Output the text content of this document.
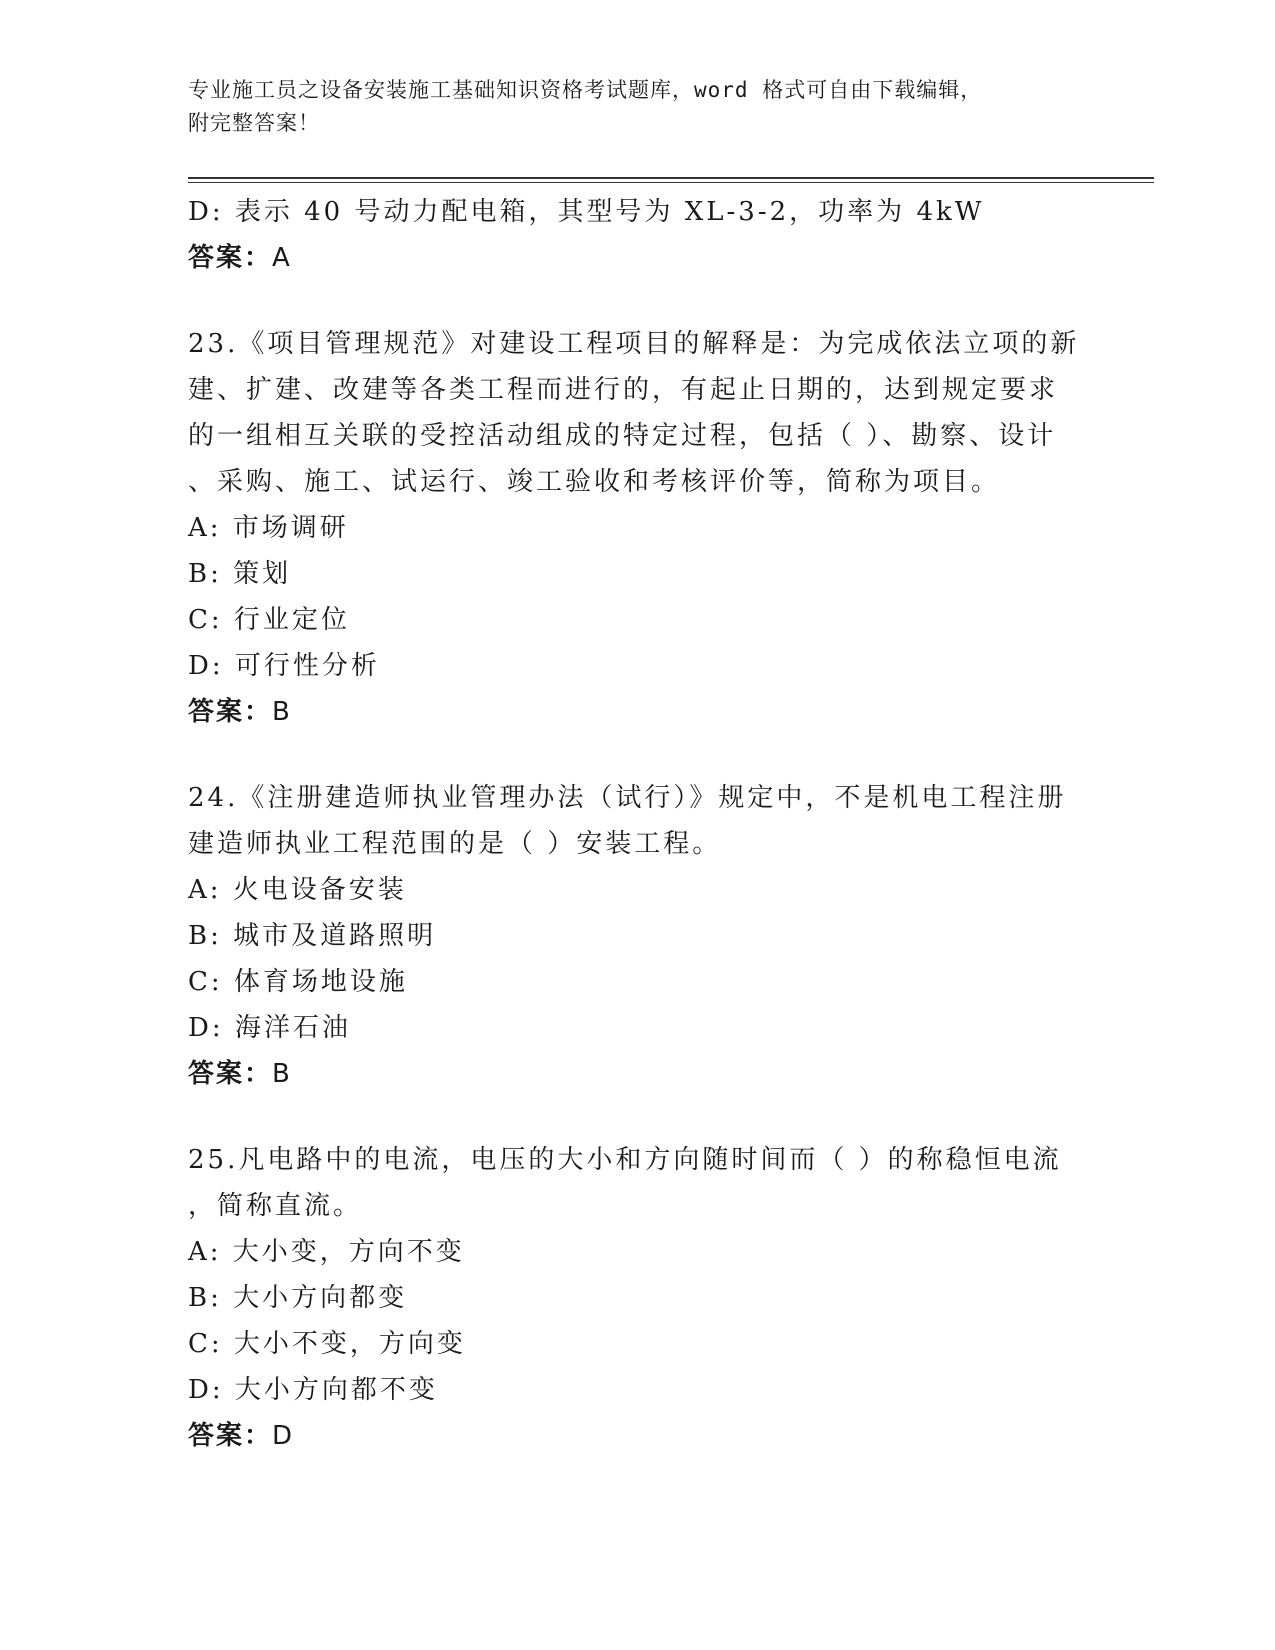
专业施工员之设备安装施工基础知识资格考试题库，word 格式可自由下载编辑，
附完整答案！
D: 表示 40 号动力配电箱，其型号为 XL-3-2，功率为 4kW
答案：A
23.《项目管理规范》对建设工程项目的解释是：为完成依法立项的新
建、扩建、改建等各类工程而进行的，有起止日期的，达到规定要求
的一组相互关联的受控活动组成的特定过程，包括（ ）、勘察、设计
、采购、施工、试运行、竣工验收和考核评价等，简称为项目。
A: 市场调研
B: 策划
C: 行业定位
D: 可行性分析
答案：B
24.《注册建造师执业管理办法（试行）》规定中，不是机电工程注册
建造师执业工程范围的是（ ）安装工程。
A: 火电设备安装
B: 城市及道路照明
C: 体育场地设施
D: 海洋石油
答案：B
25.凡电路中的电流，电压的大小和方向随时间而（ ）的称稳恒电流
，简称直流。
A: 大小变，方向不变
B: 大小方向都变
C: 大小不变，方向变
D: 大小方向都不变
答案：D
